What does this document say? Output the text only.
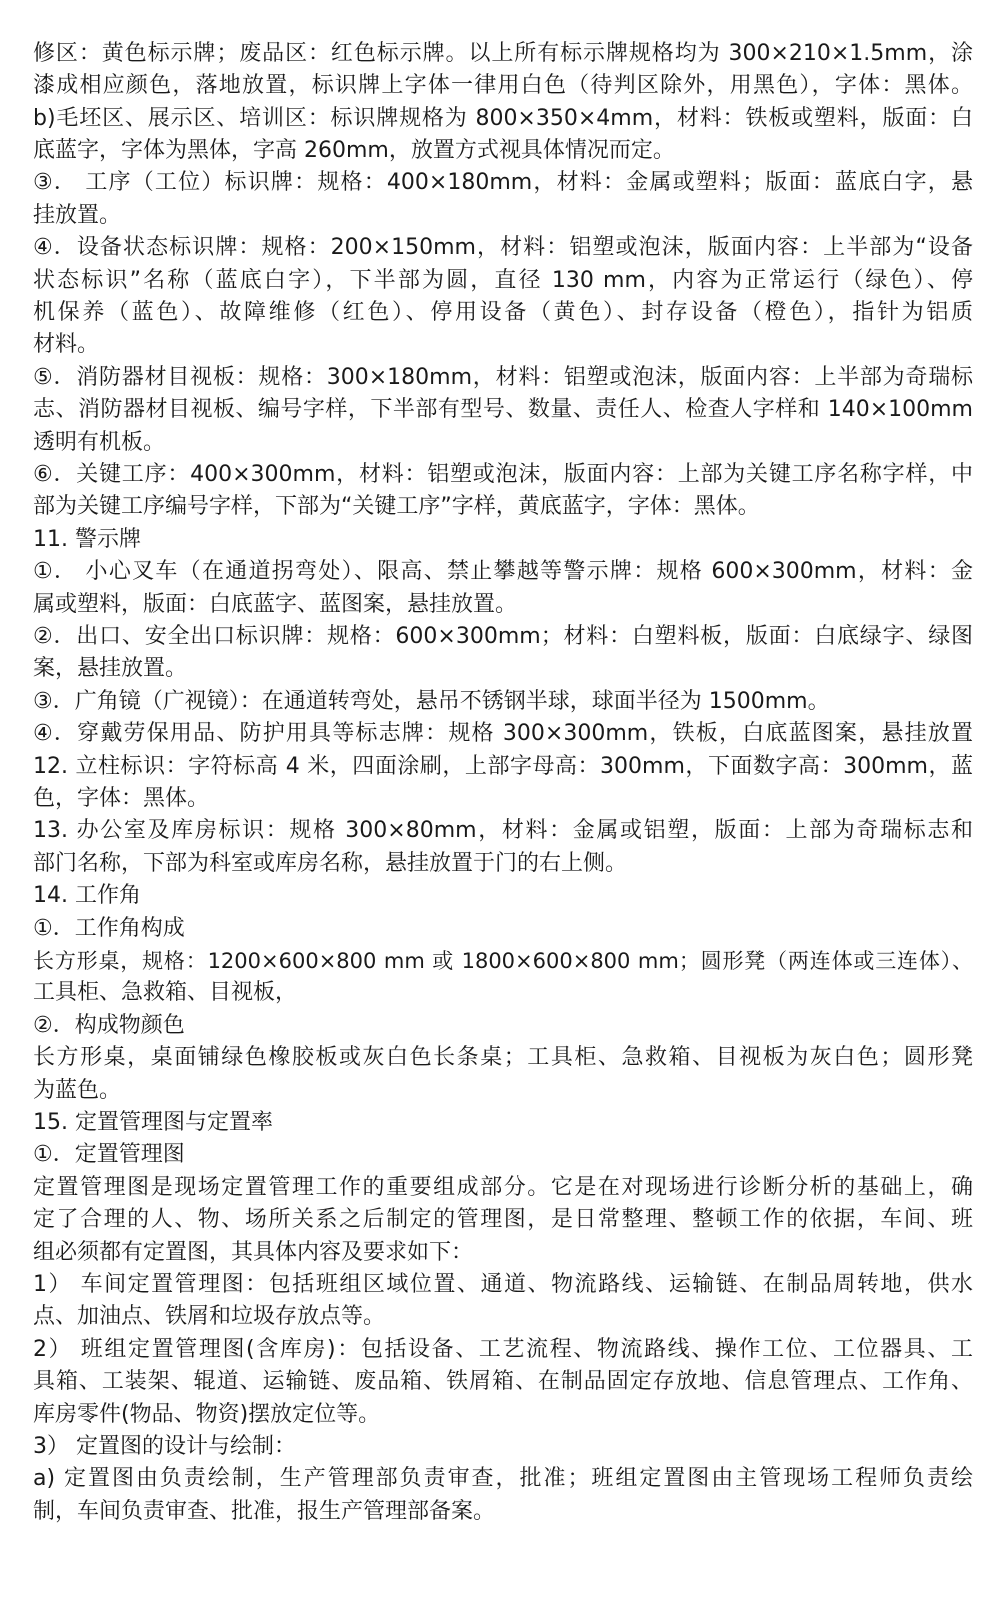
修区：黄色标示牌；废品区：红色标示牌。以上所有标示牌规格均为 300×210×1.5mm，涂
漆成相应颜色，落地放置，标识牌上字体一律用白色（待判区除外，用黑色），字体：黑体。
b)毛坯区、展示区、培训区：标识牌规格为 800×350×4mm，材料：铁板或塑料，版面：白
底蓝字，字体为黑体，字高 260mm，放置方式视具体情况而定。
③． 工序（工位）标识牌：规格：400×180mm，材料：金属或塑料；版面：蓝底白字，悬
挂放置。
④．设备状态标识牌：规格：200×150mm，材料：铝塑或泡沫，版面内容：上半部为“设备
状态标识”名称（蓝底白字），下半部为圆，直径 130 mm，内容为正常运行（绿色）、停
机保养（蓝色）、故障维修（红色）、停用设备（黄色）、封存设备（橙色），指针为铝质
材料。
⑤．消防器材目视板：规格：300×180mm，材料：铝塑或泡沫，版面内容：上半部为奇瑞标
志、消防器材目视板、编号字样，下半部有型号、数量、责任人、检查人字样和 140×100mm
透明有机板。
⑥．关键工序：400×300mm，材料：铝塑或泡沫，版面内容：上部为关键工序名称字样，中
部为关键工序编号字样，下部为“关键工序”字样，黄底蓝字，字体：黑体。
11. 警示牌
①． 小心叉车（在通道拐弯处）、限高、禁止攀越等警示牌：规格 600×300mm，材料：金
属或塑料，版面：白底蓝字、蓝图案，悬挂放置。
②．出口、安全出口标识牌：规格：600×300mm；材料：白塑料板，版面：白底绿字、绿图
案，悬挂放置。
③．广角镜（广视镜）：在通道转弯处，悬吊不锈钢半球，球面半径为 1500mm。
④．穿戴劳保用品、防护用具等标志牌：规格 300×300mm，铁板，白底蓝图案，悬挂放置
12. 立柱标识：字符标高 4 米，四面涂刷，上部字母高：300mm，下面数字高：300mm，蓝
色，字体：黑体。
13. 办公室及库房标识：规格 300×80mm，材料：金属或铝塑，版面：上部为奇瑞标志和
部门名称，下部为科室或库房名称，悬挂放置于门的右上侧。
14. 工作角
①．工作角构成
长方形桌，规格：1200×600×800 mm 或 1800×600×800 mm；圆形凳（两连体或三连体）、
工具柜、急救箱、目视板，
②．构成物颜色
长方形桌，桌面铺绿色橡胶板或灰白色长条桌；工具柜、急救箱、目视板为灰白色；圆形凳
为蓝色。
15. 定置管理图与定置率
①．定置管理图
定置管理图是现场定置管理工作的重要组成部分。它是在对现场进行诊断分析的基础上，确
定了合理的人、物、场所关系之后制定的管理图，是日常整理、整顿工作的依据，车间、班
组必须都有定置图，其具体内容及要求如下：
1） 车间定置管理图：包括班组区域位置、通道、物流路线、运输链、在制品周转地，供水
点、加油点、铁屑和垃圾存放点等。
2） 班组定置管理图(含库房)：包括设备、工艺流程、物流路线、操作工位、工位器具、工
具箱、工装架、辊道、运输链、废品箱、铁屑箱、在制品固定存放地、信息管理点、工作角、
库房零件(物品、物资)摆放定位等。
3） 定置图的设计与绘制：
a) 定置图由负责绘制，生产管理部负责审查，批准；班组定置图由主管现场工程师负责绘
制，车间负责审查、批准，报生产管理部备案。
